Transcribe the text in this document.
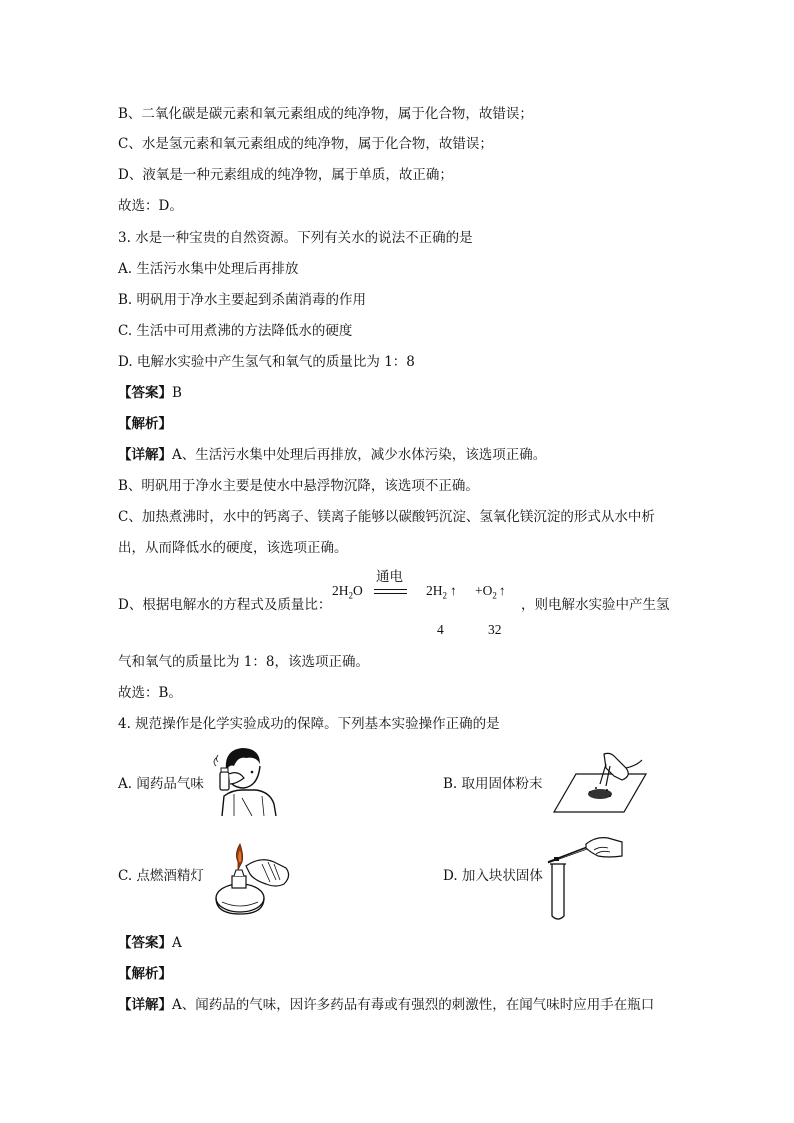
B、二氧化碳是碳元素和氧元素组成的纯净物，属于化合物，故错误；
C、水是氢元素和氧元素组成的纯净物，属于化合物，故错误；
D、液氧是一种元素组成的纯净物，属于单质，故正确；
故选：D。
3. 水是一种宝贵的自然资源。下列有关水的说法不正确的是
A. 生活污水集中处理后再排放
B. 明矾用于净水主要起到杀菌消毒的作用
C. 生活中可用煮沸的方法降低水的硬度
D. 电解水实验中产生氢气和氧气的质量比为 1：8
【答案】B
【解析】
【详解】A、生活污水集中处理后再排放，减少水体污染，该选项正确。
B、明矾用于净水主要是使水中悬浮物沉降，该选项不正确。
C、加热煮沸时，水中的钙离子、镁离子能够以碳酸钙沉淀、氢氧化镁沉淀的形式从水中析
出，从而降低水的硬度，该选项正确。
D、根据电解水的方程式及质量比：
$2H_2O$
通电
$2H_2$ ↑ $+O_2$ ↑
4	32
，则电解水实验中产生氢
气和氧气的质量比为 1：8，该选项正确。
故选：B。
4. 规范操作是化学实验成功的保障。下列基本实验操作正确的是
A. 闻药品气味	B. 取用固体粉末
C. 点燃酒精灯	D. 加入块状固体
【答案】A
【解析】
【详解】A、闻药品的气味，因许多药品有毒或有强烈的刺激性，在闻气味时应用手在瓶口
